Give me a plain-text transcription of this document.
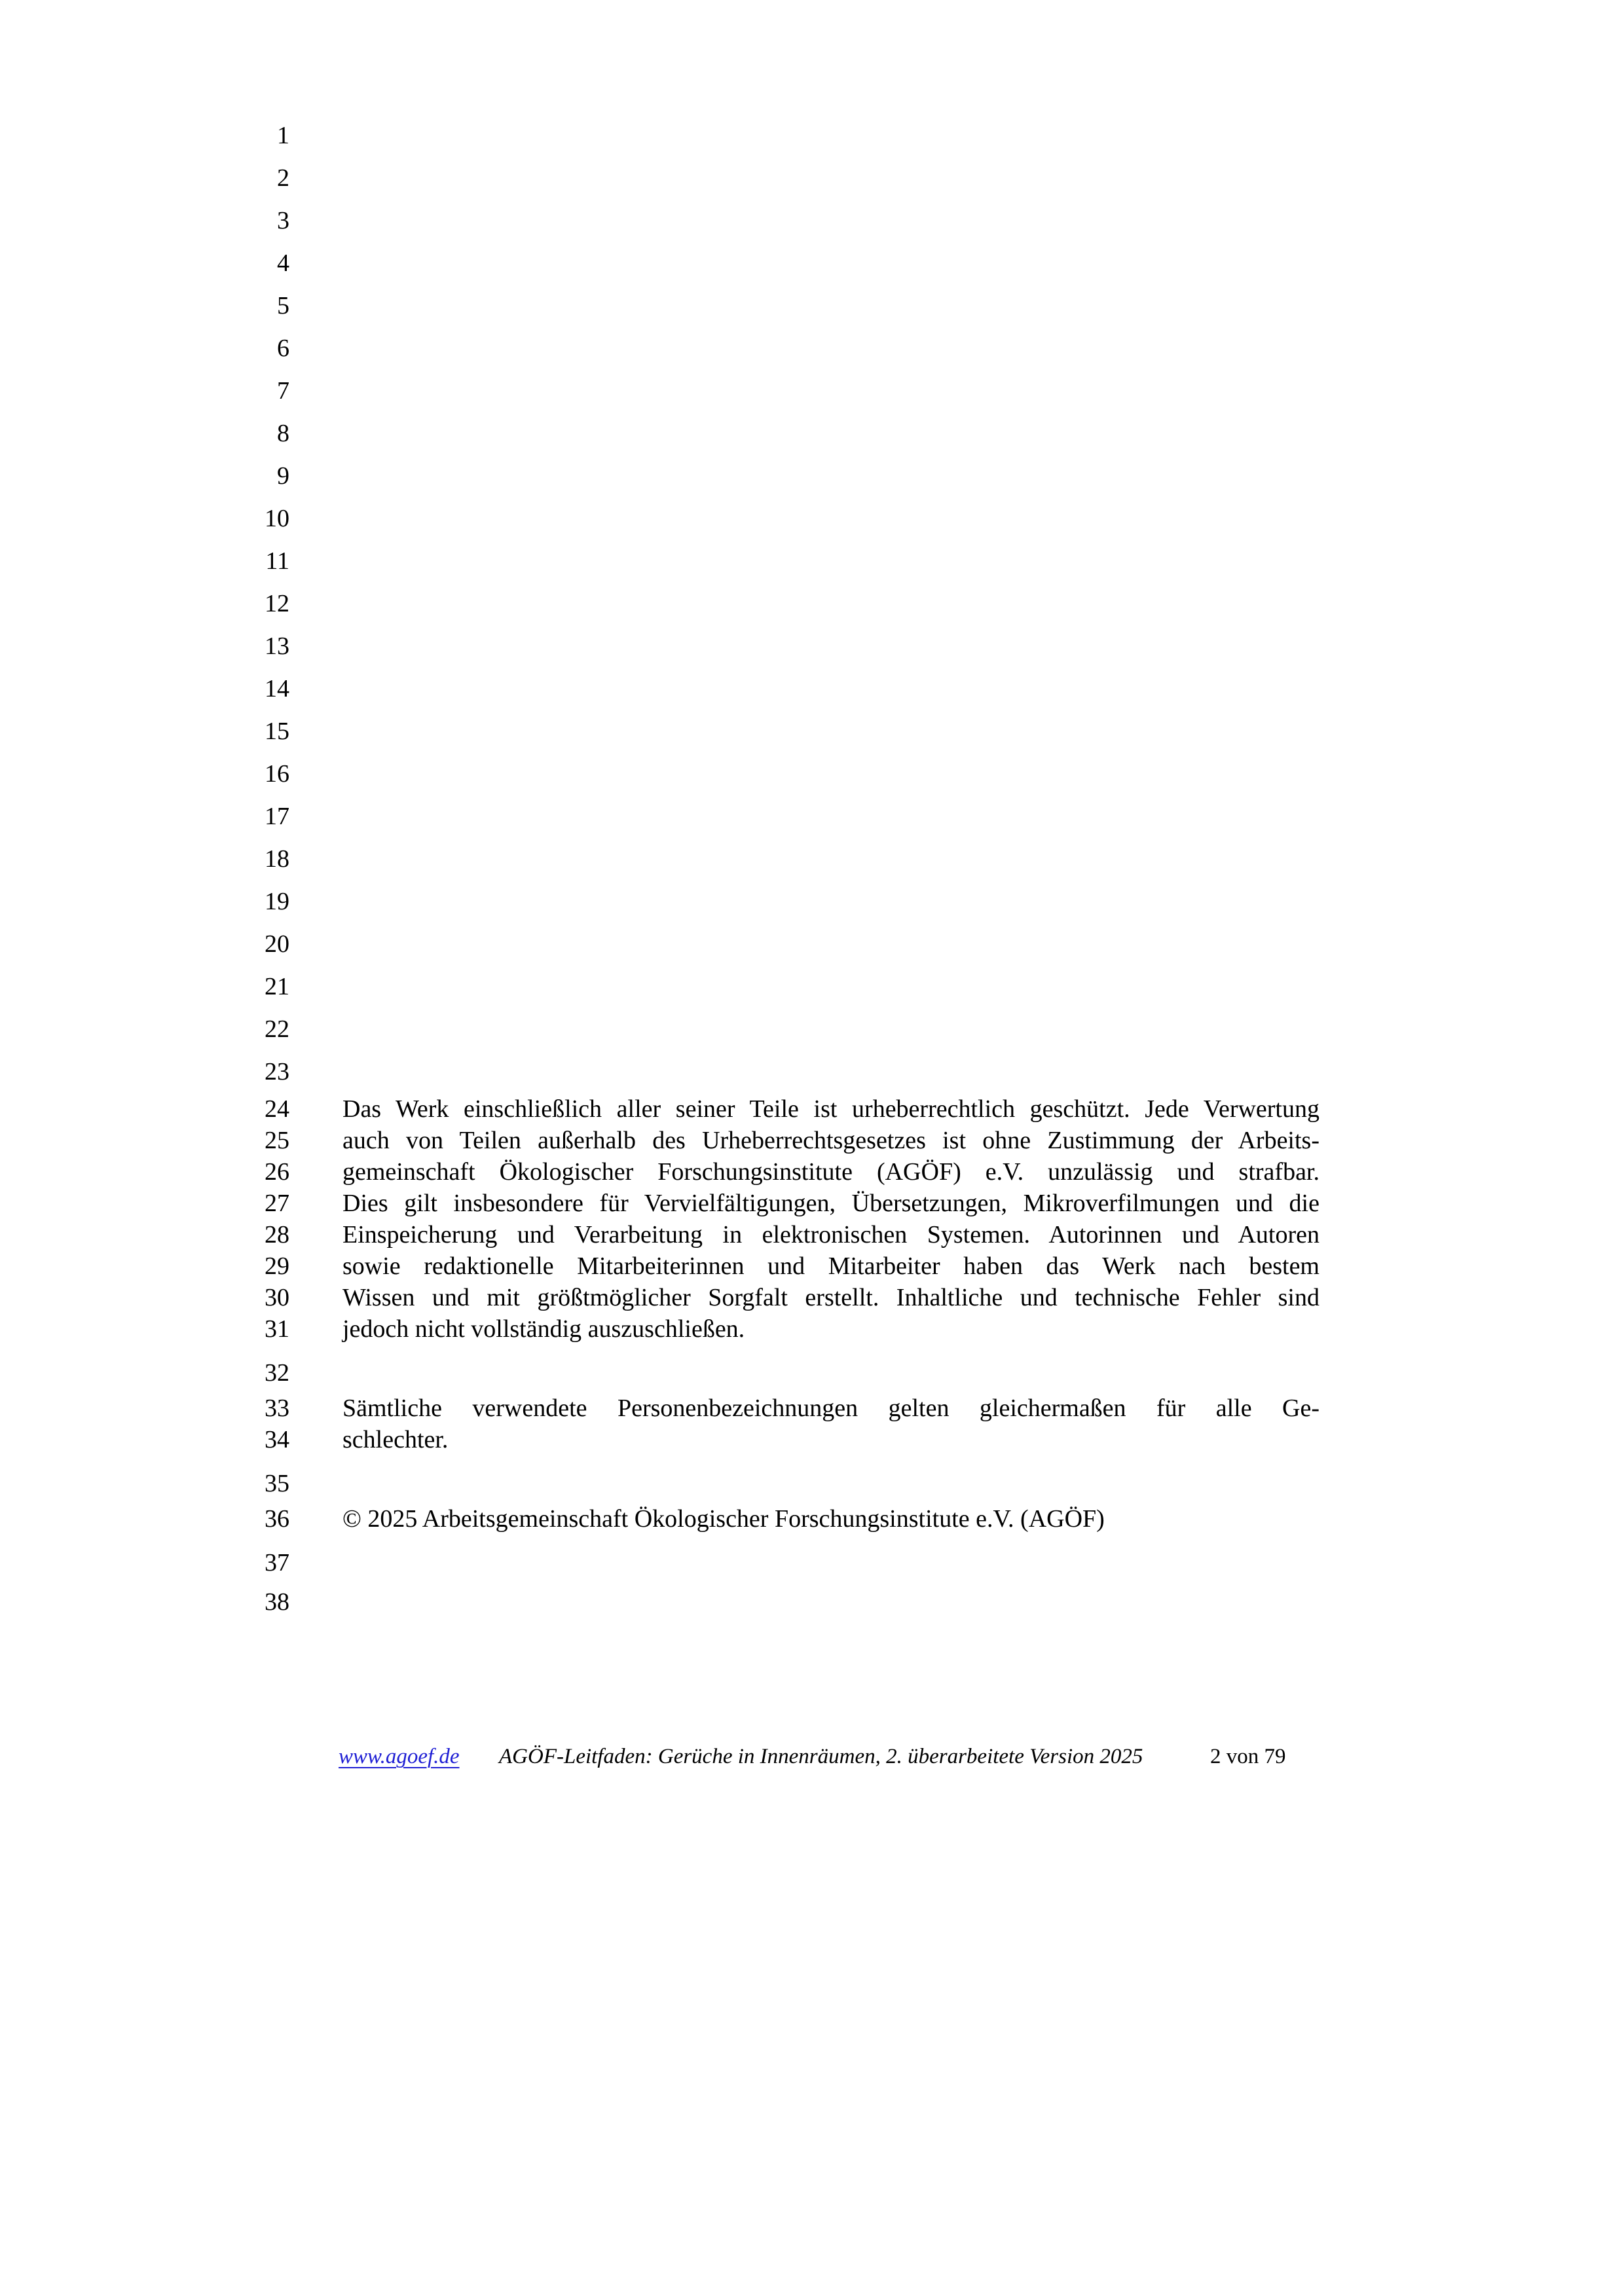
1
2
3
4
5
6
7
8
9
10
11
12
13
14
15
16
17
18
19
20
21
22
23
24 Das Werk einschließlich aller seiner Teile ist urheberrechtlich geschützt. Jede Verwertung
25 auch von Teilen außerhalb des Urheberrechtsgesetzes ist ohne Zustimmung der Arbeits-
26 gemeinschaft Ökologischer Forschungsinstitute (AGÖF) e.V. unzulässig und strafbar.
27 Dies gilt insbesondere für Vervielfältigungen, Übersetzungen, Mikroverfilmungen und die
28 Einspeicherung und Verarbeitung in elektronischen Systemen. Autorinnen und Autoren
29 sowie redaktionelle Mitarbeiterinnen und Mitarbeiter haben das Werk nach bestem
30 Wissen und mit größtmöglicher Sorgfalt erstellt. Inhaltliche und technische Fehler sind
31 jedoch nicht vollständig auszuschließen.
32
33 Sämtliche verwendete Personenbezeichnungen gelten gleichermaßen für alle Ge-
34 schlechter.
35
36 © 2025 Arbeitsgemeinschaft Ökologischer Forschungsinstitute e.V. (AGÖF)
37
38
www.agoef.de AGÖF-Leitfaden: Gerüche in Innenräumen, 2. überarbeitete Version 2025	2 von 79
